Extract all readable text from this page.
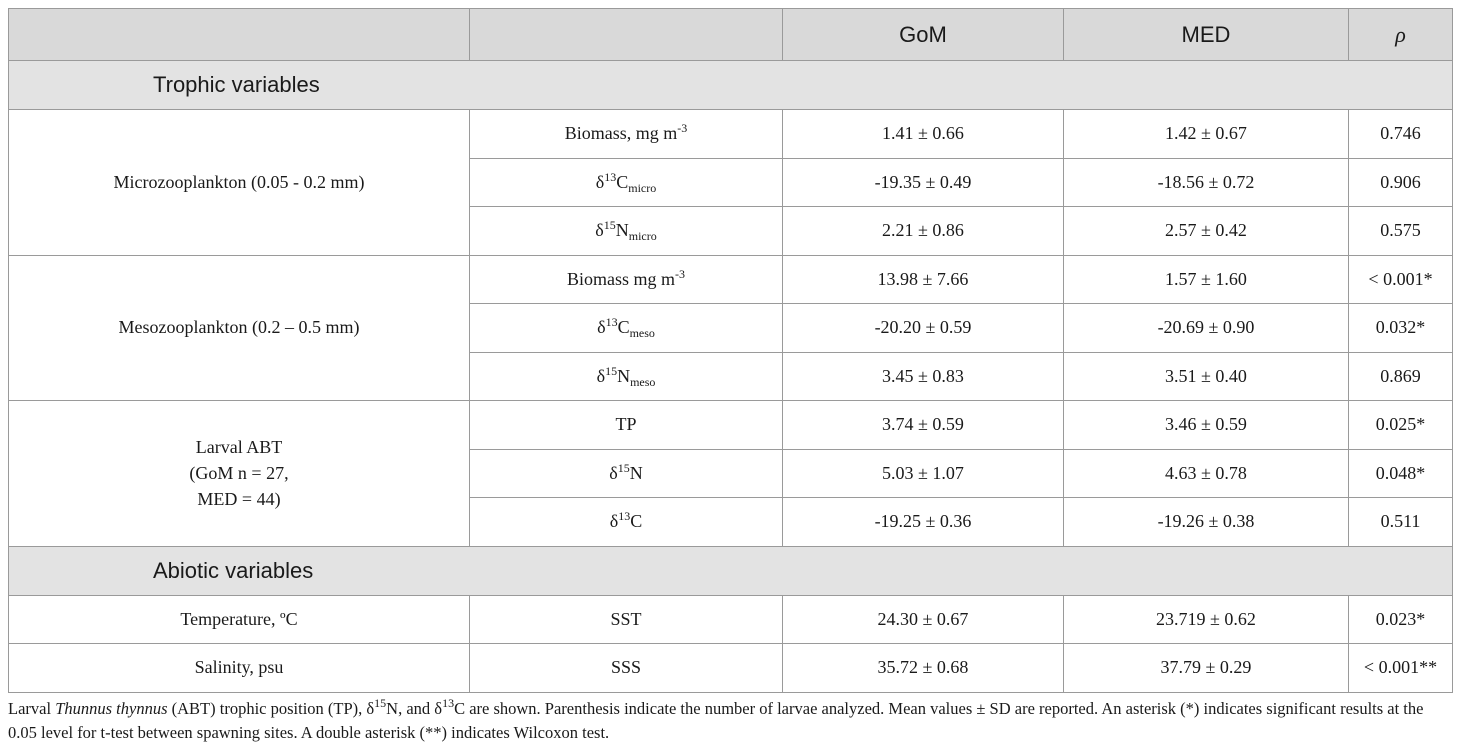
		GoM	MED	ρ
Trophic variables				
Microzooplankton (0.05 - 0.2 mm)	Biomass, mg $m^{-3}$	1.41 ± 0.66	1.42 ± 0.67	0.746
	$\delta^{13}C_{micro}$	-19.35 ± 0.49	-18.56 ± 0.72	0.906
	$\delta^{15}N_{micro}$	2.21 ± 0.86	2.57 ± 0.42	0.575
Mesozooplankton (0.2 – 0.5 mm)	Biomass mg $m^{-3}$	13.98 ± 7.66	1.57 ± 1.60	< 0.001*
	$\delta^{13}C_{meso}$	-20.20 ± 0.59	-20.69 ± 0.90	0.032*
	$\delta^{15}N_{meso}$	3.45 ± 0.83	3.51 ± 0.40	0.869

Larval ABT
(GoM n = 27,
MED = 44)	TP	3.74 ± 0.59	3.46 ± 0.59	0.025*
	$\delta^{15}N$	5.03 ± 1.07	4.63 ± 0.78	0.048*
	$\delta^{13}C$	-19.25 ± 0.36	-19.26 ± 0.38	0.511
Abiotic variables				
Temperature, ºC	SST	24.30 ± 0.67	23.719 ± 0.62	0.023*
Salinity, psu	SSS	35.72 ± 0.68	37.79 ± 0.29	< 0.001**

Larval Thunnus thynnus (ABT) trophic position (TP), $\delta^{15}N$, and $\delta^{13}C$ are shown. Parenthesis indicate the number of larvae analyzed. Mean values ± SD are reported. An asterisk (*) indicates significant results at the 0.05 level for t-test between spawning sites. A double asterisk (**) indicates Wilcoxon test.
